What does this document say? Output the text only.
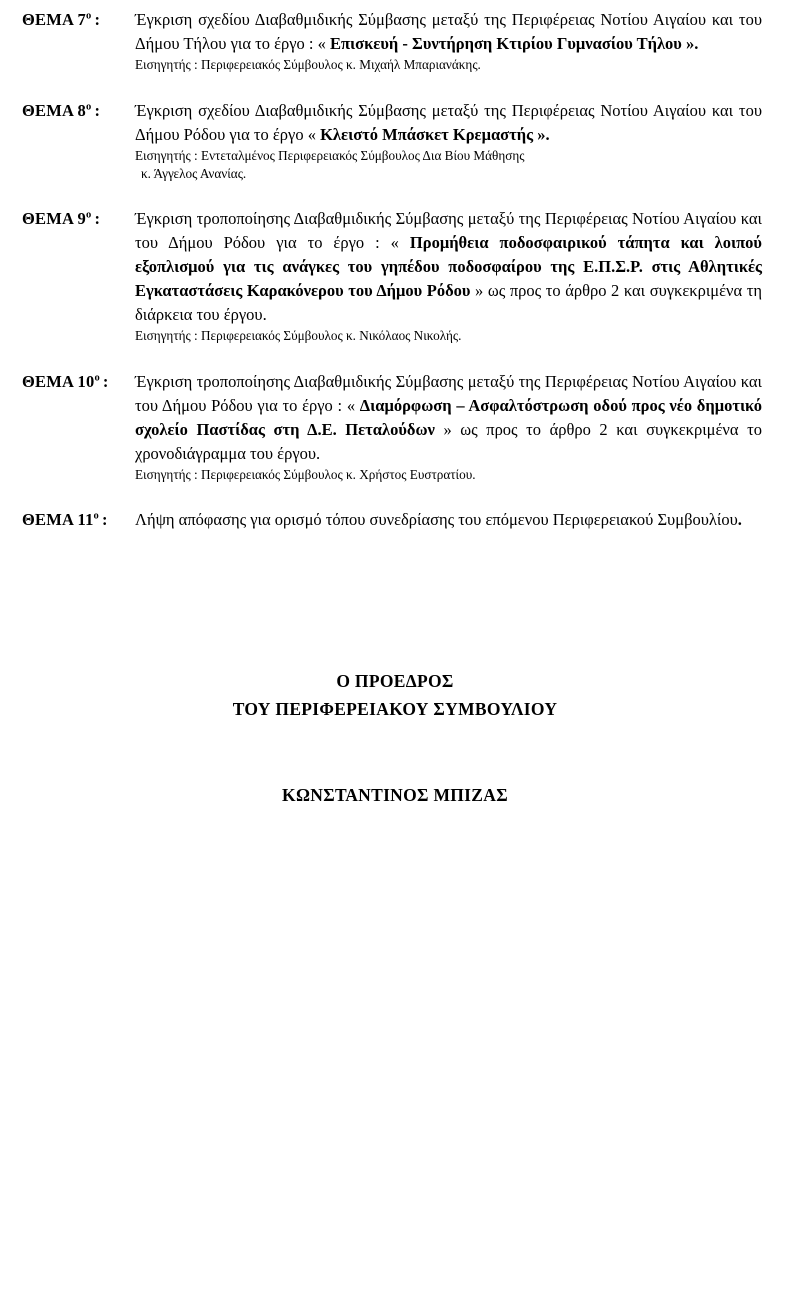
ΘΕΜΑ $7^o$ :	Έγκριση σχεδίου Διαβαθμιδικής Σύμβασης μεταξύ της Περιφέρειας Νοτίου Αιγαίου και του Δήμου Τήλου για το έργο : « Επισκευή - Συντήρηση Κτιρίου Γυμνασίου Τήλου ».

Εισηγητής : Περιφερειακός Σύμβουλος κ. Μιχαήλ Μπαριανάκης.

ΘΕΜΑ $8^o$ :	Έγκριση σχεδίου Διαβαθμιδικής Σύμβασης μεταξύ της Περιφέρειας Νοτίου Αιγαίου και του Δήμου Ρόδου για το έργο « Κλειστό Μπάσκετ Κρεμαστής ».

Εισηγητής : Εντεταλμένος Περιφερειακός Σύμβουλος Δια Βίου Μάθησης

κ. Άγγελος Ανανίας.

ΘΕΜΑ $9^o$ :	Έγκριση τροποποίησης Διαβαθμιδικής Σύμβασης μεταξύ της Περιφέρειας Νοτίου Αιγαίου και του Δήμου Ρόδου για το έργο : « Προμήθεια ποδοσφαιρικού τάπητα και λοιπού εξοπλισμού για τις ανάγκες του γηπέδου ποδοσφαίρου της Ε.Π.Σ.Ρ. στις Αθλητικές Εγκαταστάσεις Καρακόνερου του Δήμου Ρόδου » ως προς το άρθρο 2 και συγκεκριμένα τη διάρκεια του έργου.

Εισηγητής : Περιφερειακός Σύμβουλος κ. Νικόλαος Νικολής.

ΘΕΜΑ $10^o$ :	Έγκριση τροποποίησης Διαβαθμιδικής Σύμβασης μεταξύ της Περιφέρειας Νοτίου Αιγαίου και του Δήμου Ρόδου για το έργο : « Διαμόρφωση – Ασφαλτόστρωση οδού προς νέο δημοτικό σχολείο Παστίδας στη Δ.Ε. Πεταλούδων » ως προς το άρθρο 2 και συγκεκριμένα το χρονοδιάγραμμα του έργου.

Εισηγητής : Περιφερειακός Σύμβουλος κ. Χρήστος Ευστρατίου.

ΘΕΜΑ $11^o$ :	Λήψη απόφασης για ορισμό τόπου συνεδρίασης του επόμενου Περιφερειακού Συμβουλίου.

Ο ΠΡΟΕΔΡΟΣ
ΤΟΥ ΠΕΡΙΦΕΡΕΙΑΚΟΥ ΣΥΜΒΟΥΛΙΟΥ
ΚΩΝΣΤΑΝΤΙΝΟΣ ΜΠΙΖΑΣ
